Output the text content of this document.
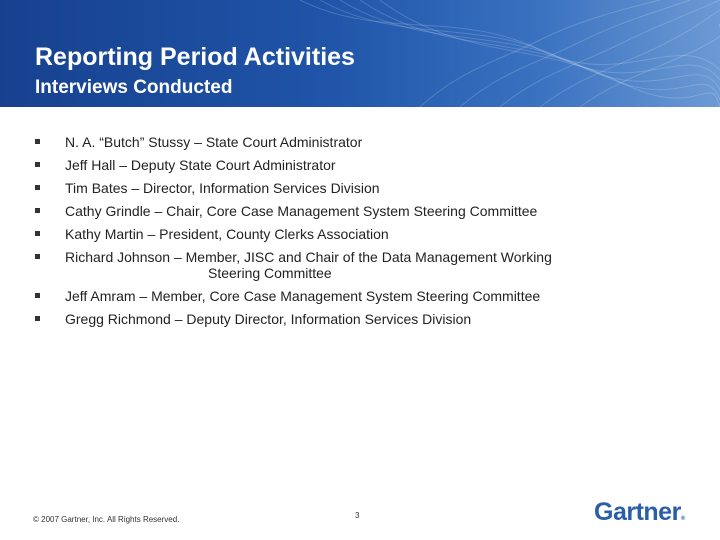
Reporting Period Activities
Interviews Conducted
N. A. “Butch” Stussy – State Court Administrator
Jeff Hall – Deputy State Court Administrator
Tim Bates – Director, Information Services Division
Cathy Grindle – Chair, Core Case Management System Steering Committee
Kathy Martin – President, County Clerks Association
Richard Johnson – Member, JISC and Chair of the Data Management Working
Steering Committee
Jeff Amram – Member, Core Case Management System Steering Committee
Gregg Richmond – Deputy Director, Information Services Division
© 2007 Gartner, Inc. All Rights Reserved.	3	Gartner®
